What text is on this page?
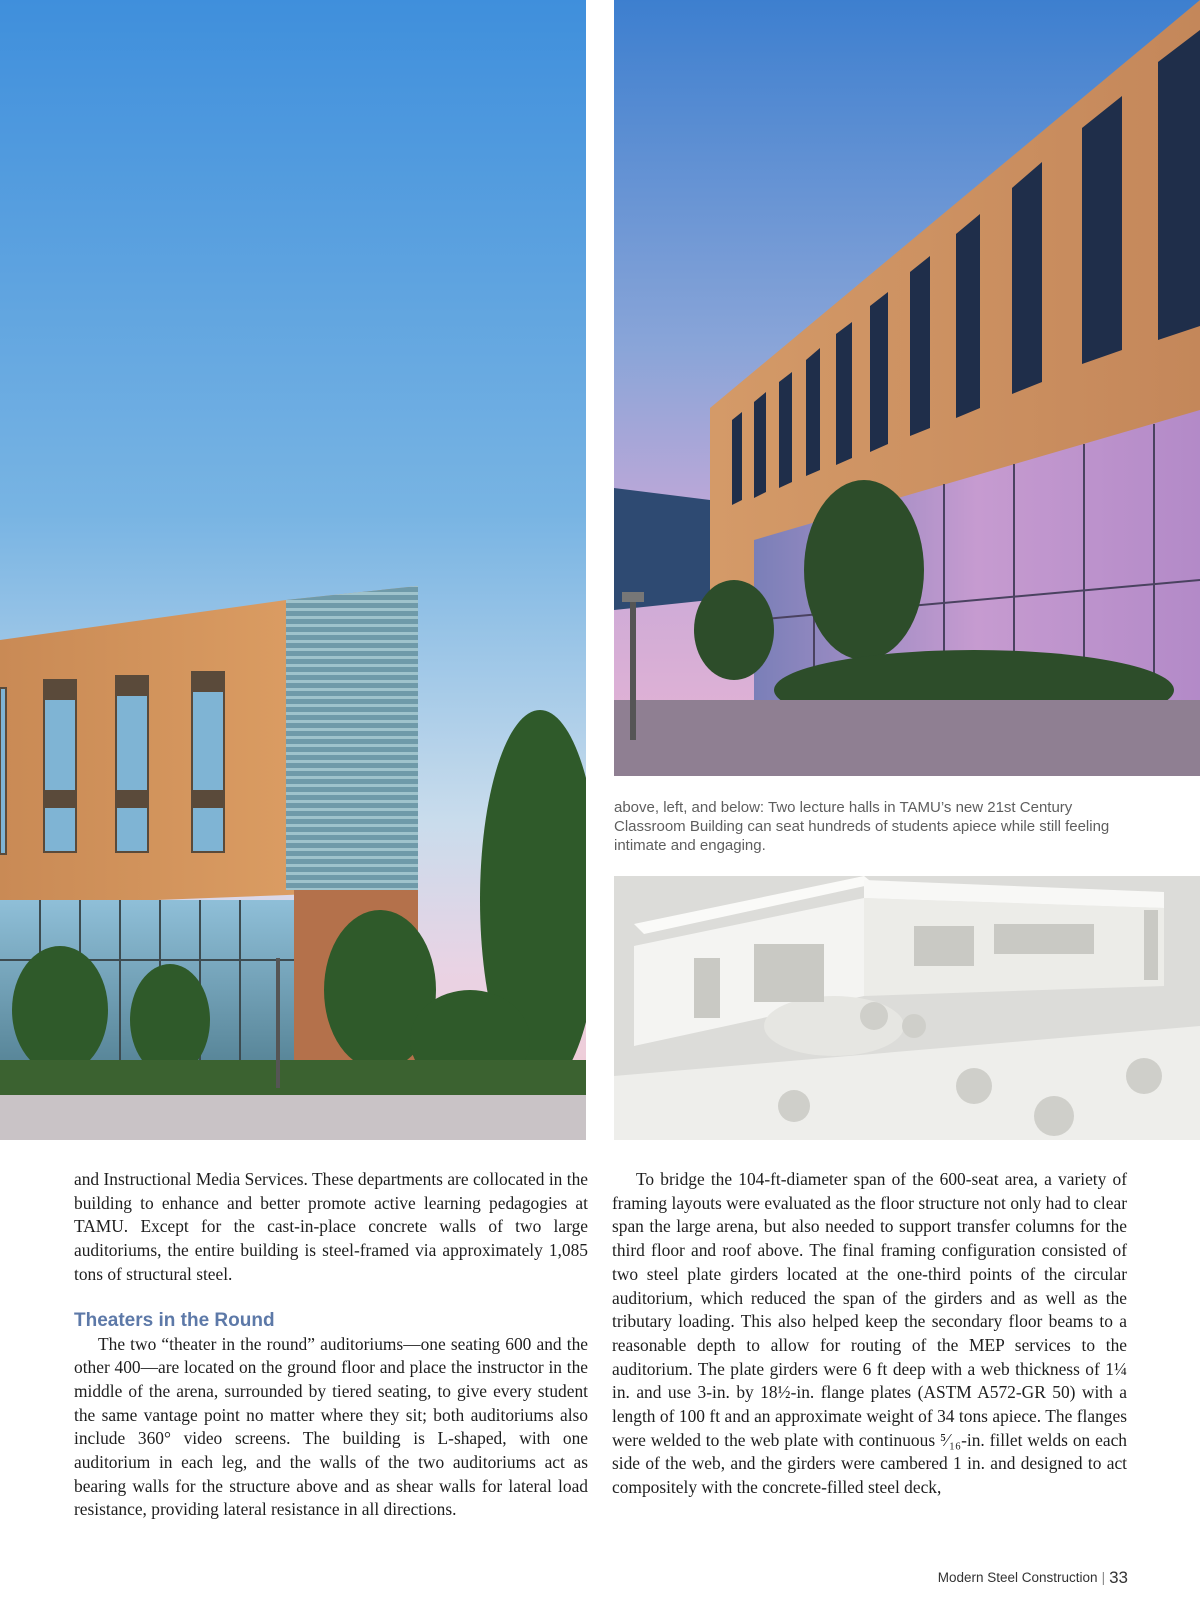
above, left, and below: Two lecture halls in TAMU’s new 21st Century Classroom Building can seat hundreds of students apiece while still feeling intimate and engaging.

and Instructional Media Services. These departments are collocated in the building to enhance and better promote active learning pedagogies at TAMU. Except for the cast-in-place concrete walls of two large auditoriums, the entire building is steel-framed via approximately 1,085 tons of structural steel.

Theaters in the Round

The two “theater in the round” auditoriums—one seating 600 and the other 400—are located on the ground floor and place the instructor in the middle of the arena, surrounded by tiered seating, to give every student the same vantage point no matter where they sit; both auditoriums also include 360° video screens. The building is L-shaped, with one auditorium in each leg, and the walls of the two auditoriums act as bearing walls for the structure above and as shear walls for lateral load resistance, providing lateral resistance in all directions.

To bridge the 104-ft-diameter span of the 600-seat area, a variety of framing layouts were evaluated as the floor structure not only had to clear span the large arena, but also needed to support transfer columns for the third floor and roof above. The final framing configuration consisted of two steel plate girders located at the one-third points of the circular auditorium, which reduced the span of the girders and as well as the tributary loading. This also helped keep the secondary floor beams to a reasonable depth to allow for routing of the MEP services to the auditorium. The plate girders were 6 ft deep with a web thickness of 1¼ in. and use 3-in. by 18½-in. flange plates (ASTM A572-GR 50) with a length of 100 ft and an approximate weight of 34 tons apiece. The flanges were welded to the web plate with continuous ⁵⁄₁₆-in. fillet welds on each side of the web, and the girders were cambered 1 in. and designed to act compositely with the concrete-filled steel deck,

Modern Steel Construction | 33
